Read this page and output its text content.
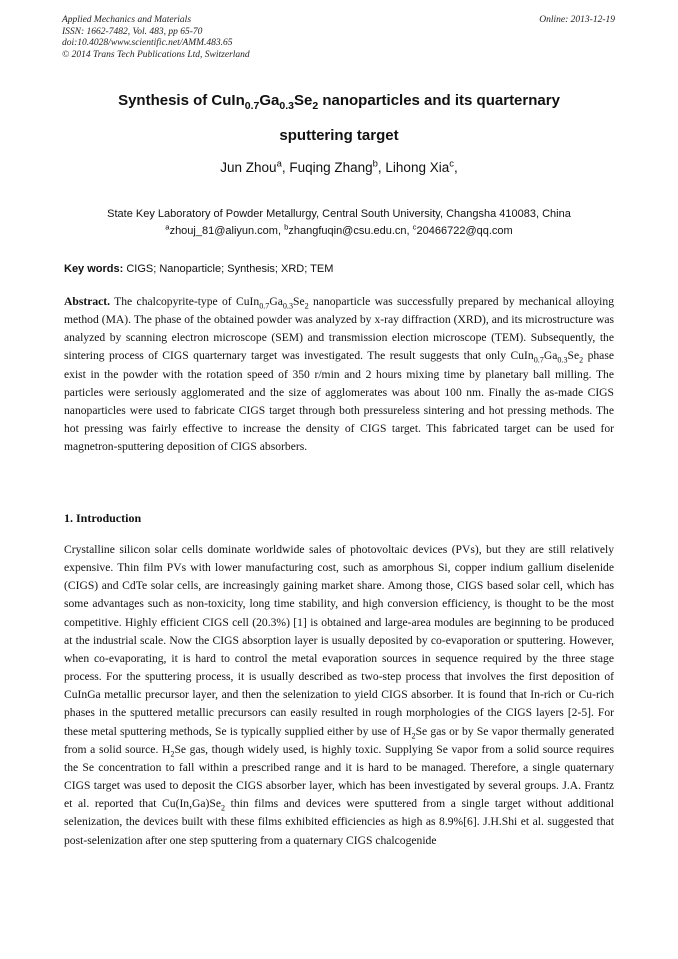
Applied Mechanics and Materials
ISSN: 1662-7482, Vol. 483, pp 65-70
doi:10.4028/www.scientific.net/AMM.483.65
© 2014 Trans Tech Publications Ltd, Switzerland
Online: 2013-12-19
Synthesis of $CuIn_{0.7}Ga_{0.3}Se_2$ nanoparticles and its quarternary
sputtering target
Jun Zhou$^a$, Fuqing Zhang$^b$, Lihong Xia$^c$,
State Key Laboratory of Powder Metallurgy, Central South University, Changsha 410083, China
$^a$zhouj_81@aliyun.com, $^b$zhangfuqin@csu.edu.cn, $^c$20466722@qq.com
Key words: CIGS; Nanoparticle; Synthesis; XRD; TEM
Abstract. The chalcopyrite-type of $CuIn_{0.7}Ga_{0.3}Se_2$ nanoparticle was successfully prepared by mechanical alloying method (MA). The phase of the obtained powder was analyzed by x-ray diffraction (XRD), and its microstructure was analyzed by scanning electron microscope (SEM) and transmission election microscope (TEM). Subsequently, the sintering process of CIGS quarternary target was investigated. The result suggests that only $CuIn_{0.7}Ga_{0.3}Se_2$ phase exist in the powder with the rotation speed of 350 r/min and 2 hours mixing time by planetary ball milling. The particles were seriously agglomerated and the size of agglomerates was about 100 nm. Finally the as-made CIGS nanoparticles were used to fabricate CIGS target through both pressureless sintering and hot pressing methods. The hot pressing was fairly effective to increase the density of CIGS target. This fabricated target can be used for magnetron-sputtering deposition of CIGS absorbers.
1. Introduction
Crystalline silicon solar cells dominate worldwide sales of photovoltaic devices (PVs), but they are still relatively expensive. Thin film PVs with lower manufacturing cost, such as amorphous Si, copper indium gallium diselenide (CIGS) and CdTe solar cells, are increasingly gaining market share. Among those, CIGS based solar cell, which has some advantages such as non-toxicity, long time stability, and high conversion efficiency, is thought to be the most competitive. Highly efficient CIGS cell (20.3%) [1] is obtained and large-area modules are beginning to be produced at the industrial scale. Now the CIGS absorption layer is usually deposited by co-evaporation or sputtering. However, when co-evaporating, it is hard to control the metal evaporation sources in sequence required by the three stage process. For the sputtering process, it is usually described as two-step process that involves the first deposition of CuInGa metallic precursor layer, and then the selenization to yield CIGS absorber. It is found that In-rich or Cu-rich phases in the sputtered metallic precursors can easily resulted in rough morphologies of the CIGS layers [2-5]. For these metal sputtering methods, Se is typically supplied either by use of $H_2Se$ gas or by Se vapor thermally generated from a solid source. $H_2Se$ gas, though widely used, is highly toxic. Supplying Se vapor from a solid source requires the Se concentration to fall within a prescribed range and it is hard to be managed. Therefore, a single quaternary CIGS target was used to deposit the CIGS absorber layer, which has been investigated by several groups. J.A. Frantz et al. reported that $Cu(In,Ga)Se_2$ thin films and devices were sputtered from a single target without additional selenization, the devices built with these films exhibited efficiencies as high as 8.9%[6]. J.H.Shi et al. suggested that post-selenization after one step sputtering from a quaternary CIGS chalcogenide
